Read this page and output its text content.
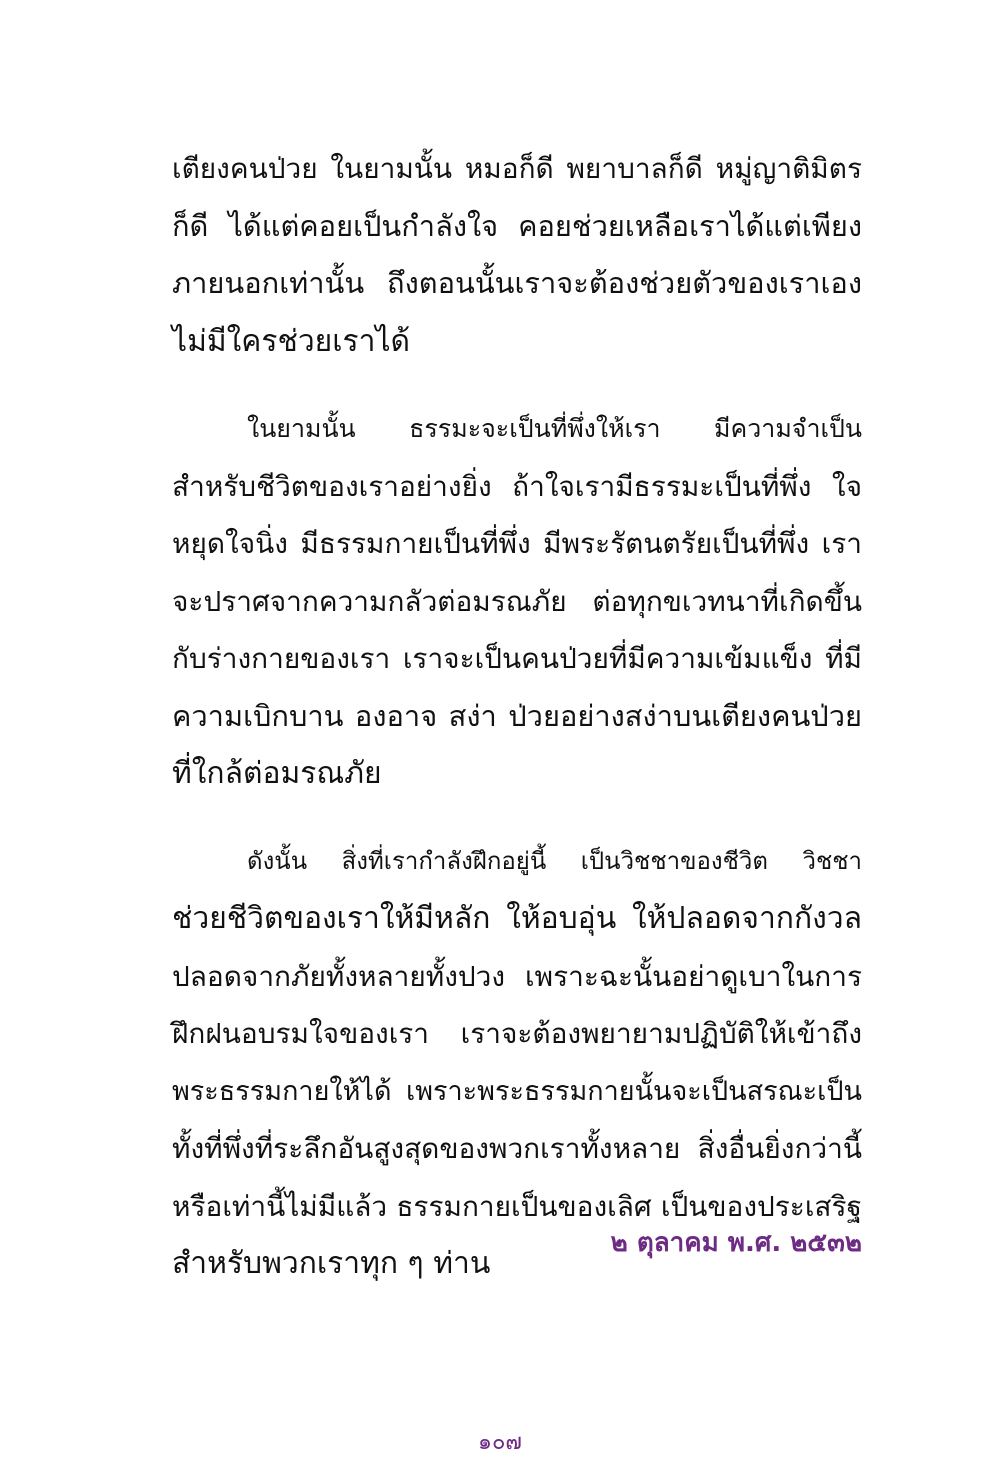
เตียงคนป่วย ในยามนั้น หมอก็ดี พยาบาลก็ดี หมู่ญาติมิตร
ก็ดี ได้แต่คอยเป็นกำลังใจ คอยช่วยเหลือเราได้แต่เพียง
ภายนอกเท่านั้น ถึงตอนนั้นเราจะต้องช่วยตัวของเราเอง
ไม่มีใครช่วยเราได้
ในยามนั้น ธรรมะจะเป็นที่พึ่งให้เรา มีความจำเป็น
สำหรับชีวิตของเราอย่างยิ่ง ถ้าใจเรามีธรรมะเป็นที่พึ่ง ใจ
หยุดใจนิ่ง มีธรรมกายเป็นที่พึ่ง มีพระรัตนตรัยเป็นที่พึ่ง เรา
จะปราศจากความกลัวต่อมรณภัย ต่อทุกขเวทนาที่เกิดขึ้น
กับร่างกายของเรา เราจะเป็นคนป่วยที่มีความเข้มแข็ง ที่มี
ความเบิกบาน องอาจ สง่า ป่วยอย่างสง่าบนเตียงคนป่วย
ที่ใกล้ต่อมรณภัย
ดังนั้น สิ่งที่เรากำลังฝึกอยู่นี้ เป็นวิชชาของชีวิต วิชชา
ช่วยชีวิตของเราให้มีหลัก ให้อบอุ่น ให้ปลอดจากกังวล
ปลอดจากภัยทั้งหลายทั้งปวง เพราะฉะนั้นอย่าดูเบาในการ
ฝึกฝนอบรมใจของเรา เราจะต้องพยายามปฏิบัติให้เข้าถึง
พระธรรมกายให้ได้ เพราะพระธรรมกายนั้นจะเป็นสรณะเป็น
ทั้งที่พึ่งที่ระลึกอันสูงสุดของพวกเราทั้งหลาย สิ่งอื่นยิ่งกว่านี้
หรือเท่านี้ไม่มีแล้ว ธรรมกายเป็นของเลิศ เป็นของประเสริฐ
สำหรับพวกเราทุก ๆ ท่าน
๒ ตุลาคม พ.ศ. ๒๕๓๒
๑๐๗
